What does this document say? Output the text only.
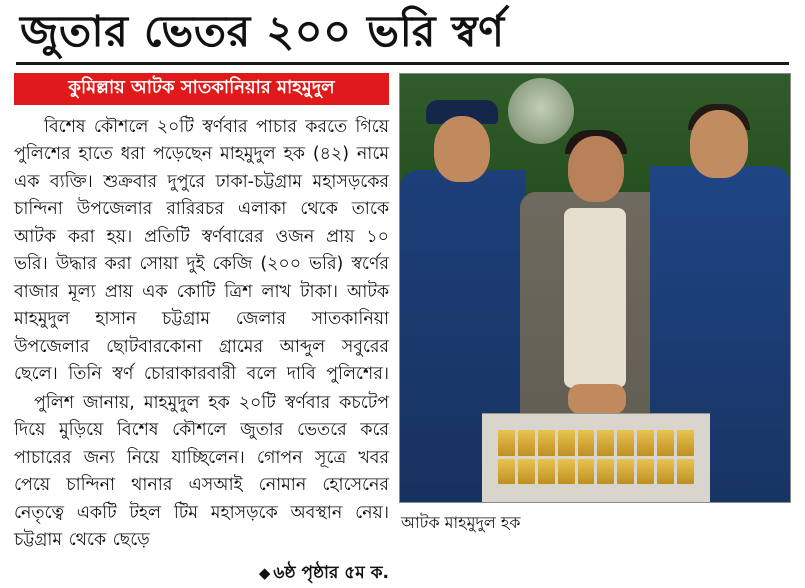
জুতার ভেতর ২০০ ভরি স্বর্ণ
কুমিল্লায় আটক সাতকানিয়ার মাহমুদুল

বিশেষ কৌশলে ২০টি স্বর্ণবার পাচার করতে গিয়ে পুলিশের হাতে ধরা পড়েছেন মাহমুদুল হক (৪২) নামে এক ব্যক্তি। শুক্রবার দুপুরে ঢাকা-চট্টগ্রাম মহাসড়কের চান্দিনা উপজেলার রারিরচর এলাকা থেকে তাকে আটক করা হয়। প্রতিটি স্বর্ণবারের ওজন প্রায় ১০ ভরি। উদ্ধার করা সোয়া দুই কেজি (২০০ ভরি) স্বর্ণের বাজার মূল্য প্রায় এক কোটি ত্রিশ লাখ টাকা। আটক মাহমুদুল হাসান চট্টগ্রাম জেলার সাতকানিয়া উপজেলার ছোটবারকোনা গ্রামের আব্দুল সবুরের ছেলে। তিনি স্বর্ণ চোরাকারবারী বলে দাবি পুলিশের।

পুলিশ জানায়, মাহমুদুল হক ২০টি স্বর্ণবার কচটেপ দিয়ে মুড়িয়ে বিশেষ কৌশলে জুতার ভেতরে করে পাচারের জন্য নিয়ে যাচ্ছিলেন। গোপন সূত্রে খবর পেয়ে চান্দিনা থানার এসআই নোমান হোসেনের নেতৃত্বে একটি টহল টিম মহাসড়কে অবস্থান নেয়। চট্টগ্রাম থেকে ছেড়ে

◆ ৬ষ্ঠ পৃষ্ঠার ৫ম ক.
আটক মাহমুদুল হক
